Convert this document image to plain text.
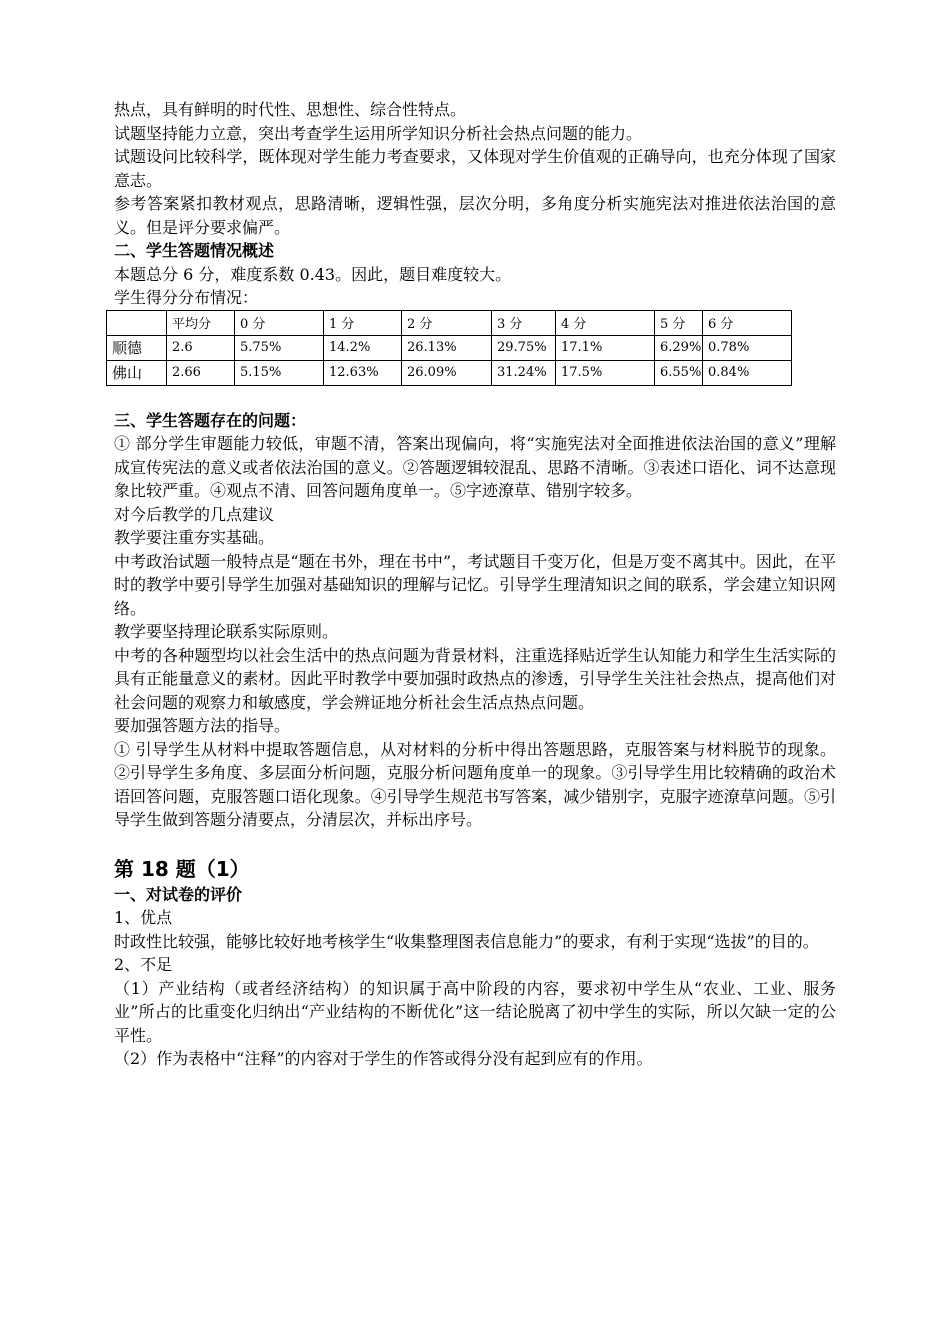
热点，具有鲜明的时代性、思想性、综合性特点。

试题坚持能力立意，突出考查学生运用所学知识分析社会热点问题的能力。

试题设问比较科学，既体现对学生能力考查要求，又体现对学生价值观的正确导向，也充分体现了国家意志。

参考答案紧扣教材观点，思路清晰，逻辑性强，层次分明，多角度分析实施宪法对推进依法治国的意义。但是评分要求偏严。

二、学生答题情况概述

本题总分 6 分，难度系数 0.43。因此，题目难度较大。

学生得分分布情况：

	平均分	0 分	1 分	2 分	3 分	4 分	5 分	6 分
顺德	2.6	5.75%	14.2%	26.13%	29.75%	17.1%	6.29%	0.78%
佛山	2.66	5.15%	12.63%	26.09%	31.24%	17.5%	6.55%	0.84%

三、学生答题存在的问题：

① 部分学生审题能力较低，审题不清，答案出现偏向，将“实施宪法对全面推进依法治国的意义”理解成宣传宪法的意义或者依法治国的意义。②答题逻辑较混乱、思路不清晰。③表述口语化、词不达意现象比较严重。④观点不清、回答问题角度单一。⑤字迹潦草、错别字较多。

对今后教学的几点建议

教学要注重夯实基础。

中考政治试题一般特点是“题在书外，理在书中”，考试题目千变万化，但是万变不离其中。因此，在平时的教学中要引导学生加强对基础知识的理解与记忆。引导学生理清知识之间的联系，学会建立知识网络。

教学要坚持理论联系实际原则。

中考的各种题型均以社会生活中的热点问题为背景材料，注重选择贴近学生认知能力和学生生活实际的具有正能量意义的素材。因此平时教学中要加强时政热点的渗透，引导学生关注社会热点，提高他们对社会问题的观察力和敏感度，学会辨证地分析社会生活点热点问题。

要加强答题方法的指导。

① 引导学生从材料中提取答题信息，从对材料的分析中得出答题思路，克服答案与材料脱节的现象。②引导学生多角度、多层面分析问题，克服分析问题角度单一的现象。③引导学生用比较精确的政治术语回答问题，克服答题口语化现象。④引导学生规范书写答案，减少错别字，克服字迹潦草问题。⑤引导学生做到答题分清要点，分清层次，并标出序号。

第 18 题（1）

一、对试卷的评价

1、优点

时政性比较强，能够比较好地考核学生“收集整理图表信息能力”的要求，有利于实现“选拔”的目的。

2、不足

（1）产业结构（或者经济结构）的知识属于高中阶段的内容，要求初中学生从“农业、工业、服务业”所占的比重变化归纳出“产业结构的不断优化”这一结论脱离了初中学生的实际，所以欠缺一定的公平性。

（2）作为表格中“注释”的内容对于学生的作答或得分没有起到应有的作用。
